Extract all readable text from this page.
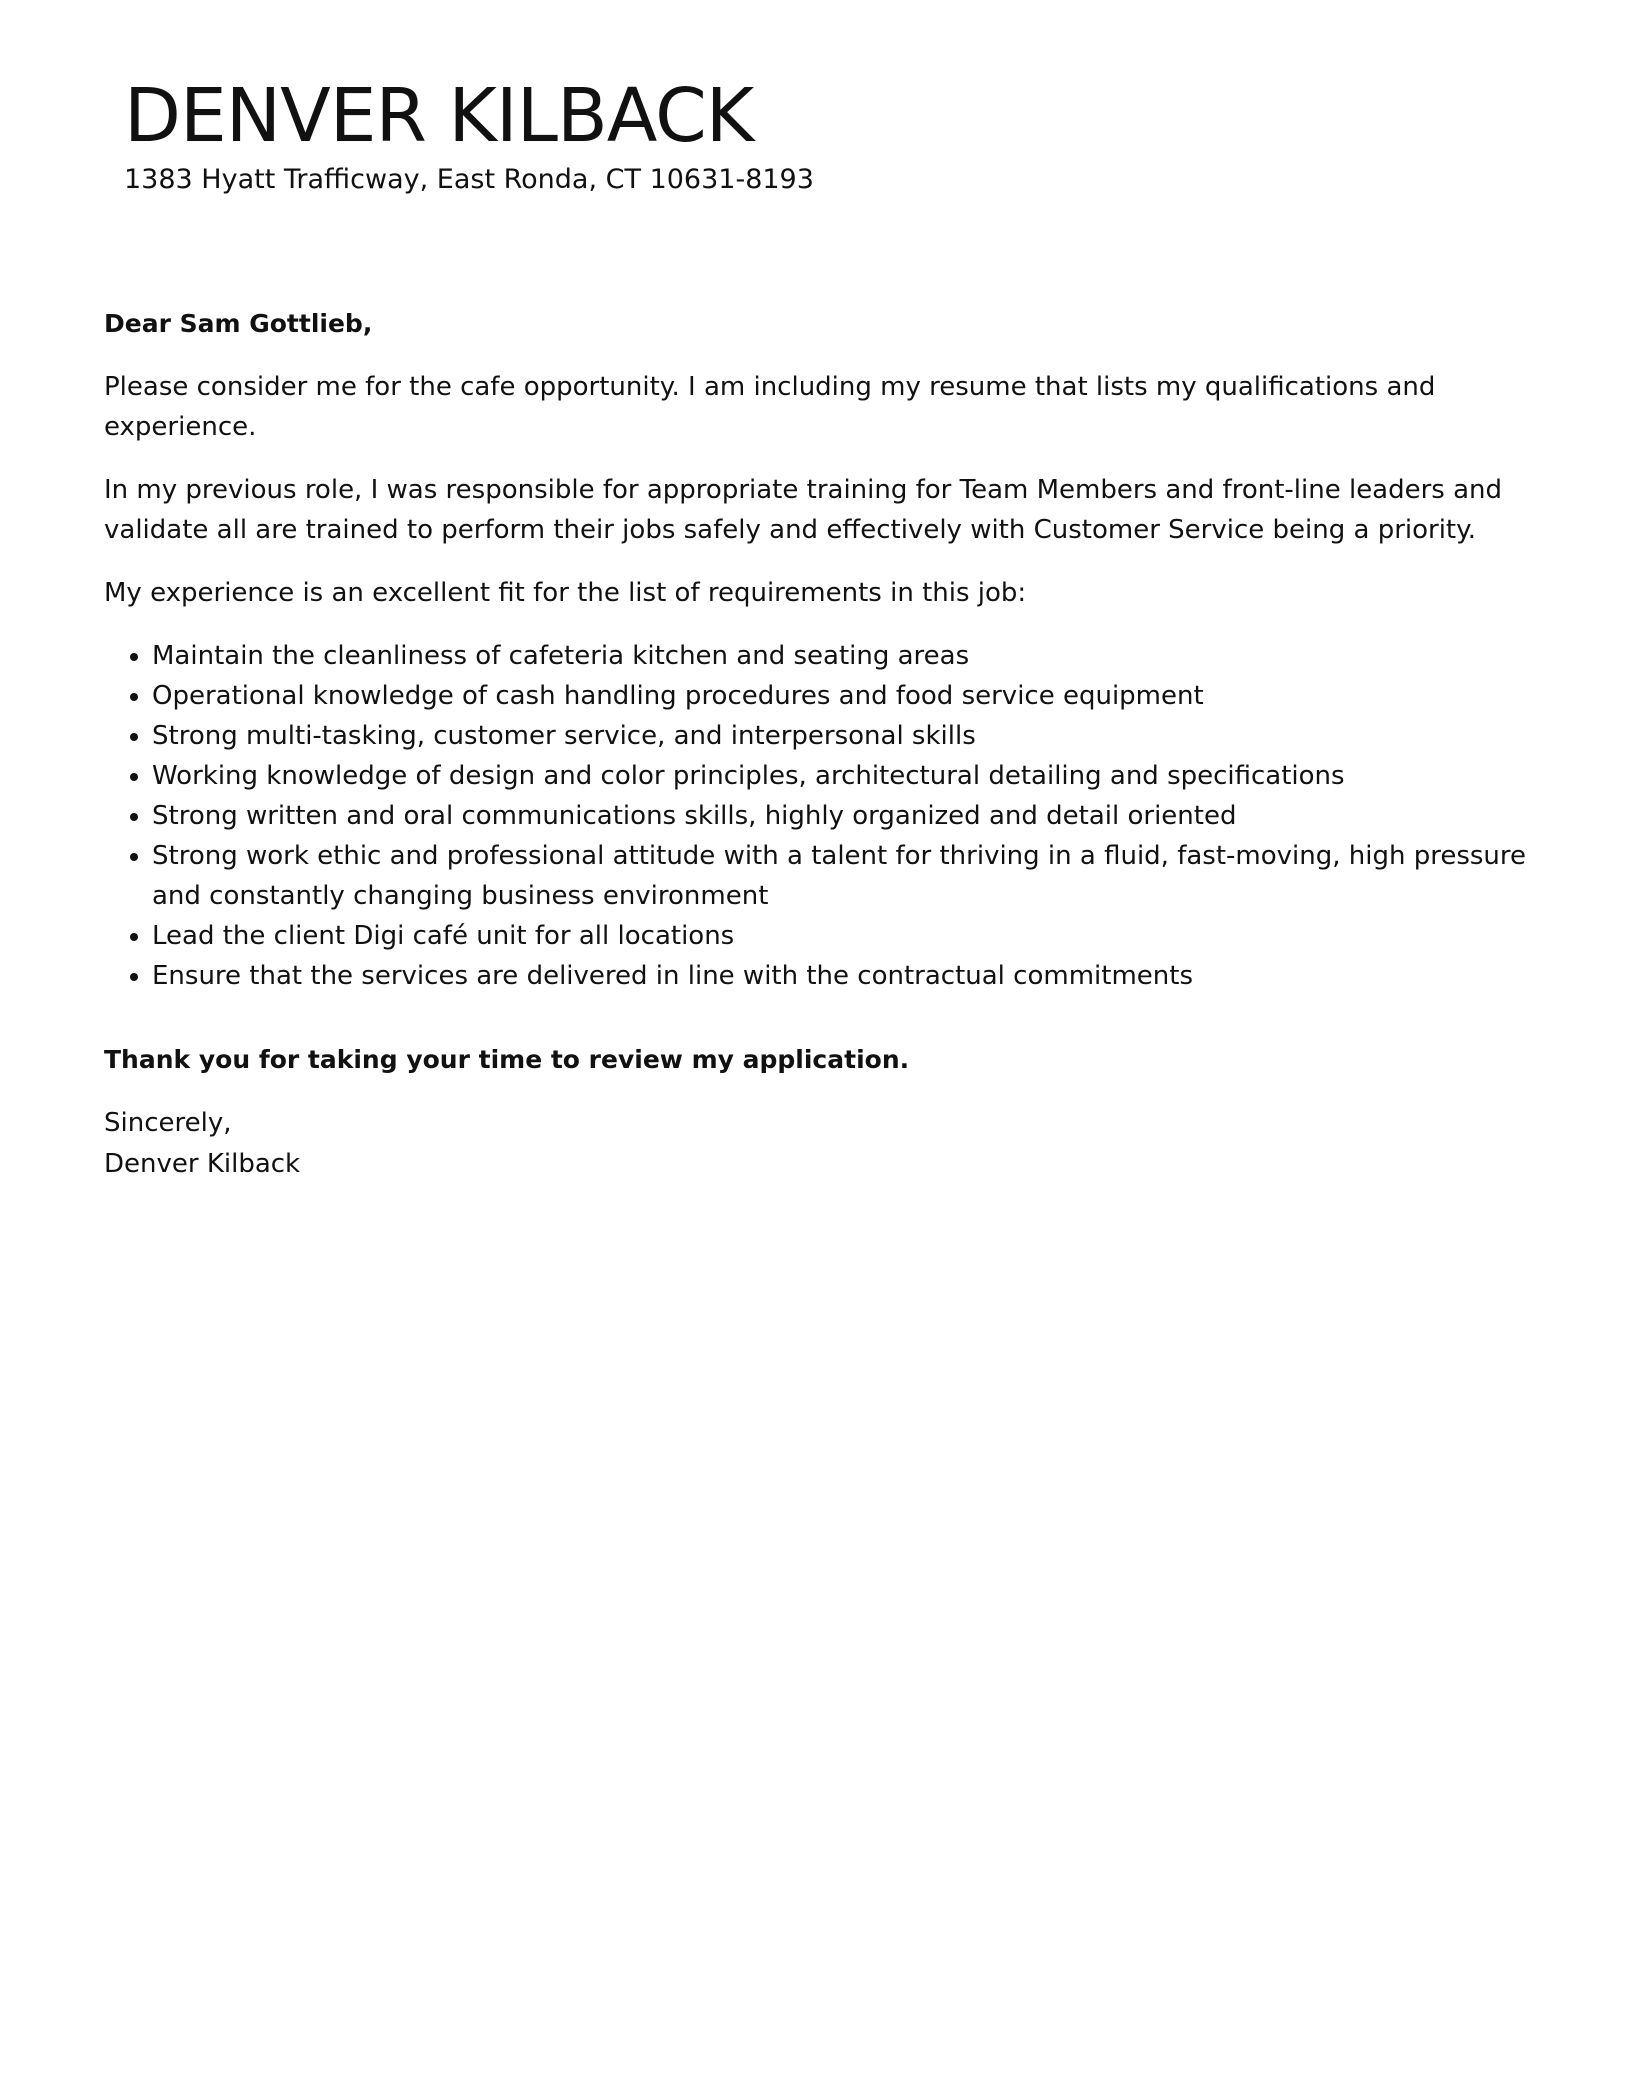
DENVER KILBACK
1383 Hyatt Trafficway, East Ronda, CT 10631-8193

Dear Sam Gottlieb,

Please consider me for the cafe opportunity. I am including my resume that lists my qualifications and experience.

In my previous role, I was responsible for appropriate training for Team Members and front-line leaders and validate all are trained to perform their jobs safely and effectively with Customer Service being a priority.

My experience is an excellent fit for the list of requirements in this job:

• Maintain the cleanliness of cafeteria kitchen and seating areas
• Operational knowledge of cash handling procedures and food service equipment
• Strong multi-tasking, customer service, and interpersonal skills
• Working knowledge of design and color principles, architectural detailing and specifications
• Strong written and oral communications skills, highly organized and detail oriented
• Strong work ethic and professional attitude with a talent for thriving in a fluid, fast-moving, high pressure and constantly changing business environment
• Lead the client Digi café unit for all locations
• Ensure that the services are delivered in line with the contractual commitments

Thank you for taking your time to review my application.

Sincerely,
Denver Kilback
